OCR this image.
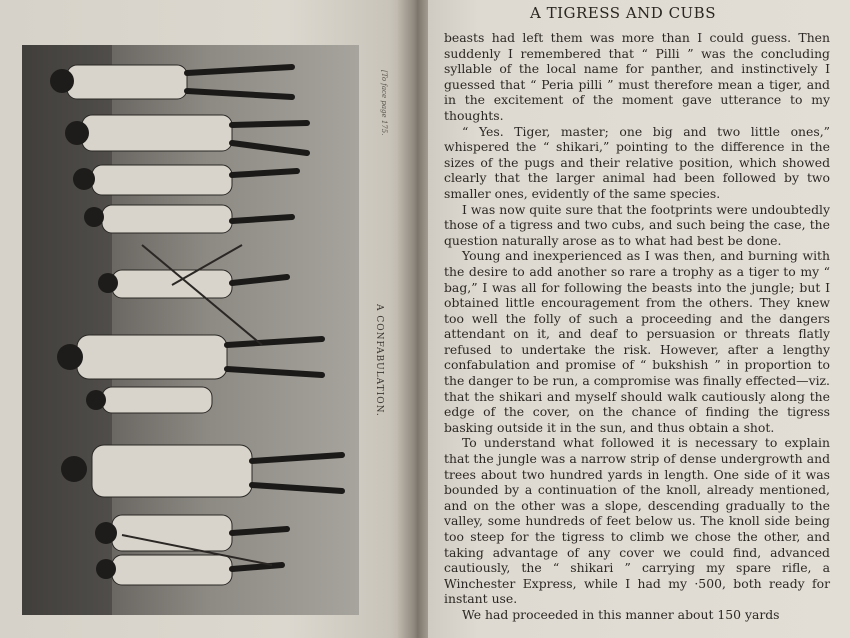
[To face page 175.
A CONFABULATION.
A TIGRESS AND CUBS

beasts had left them was more than I could guess. Then suddenly I remembered that “ Pilli ” was the concluding syllable of the local name for panther, and instinctively I guessed that “ Peria pilli ” must therefore mean a tiger, and in the excitement of the moment gave utterance to my thoughts.

“ Yes. Tiger, master; one big and two little ones,” whispered the “ shikari,” pointing to the difference in the sizes of the pugs and their relative position, which showed clearly that the larger animal had been followed by two smaller ones, evidently of the same species.

I was now quite sure that the footprints were undoubtedly those of a tigress and two cubs, and such being the case, the question naturally arose as to what had best be done.

Young and inexperienced as I was then, and burning with the desire to add another so rare a trophy as a tiger to my “ bag,” I was all for following the beasts into the jungle; but I obtained little encouragement from the others. They knew too well the folly of such a proceeding and the dangers attendant on it, and deaf to persuasion or threats flatly refused to undertake the risk. However, after a lengthy confabulation and promise of “ bukshish ” in proportion to the danger to be run, a compromise was finally effected—viz. that the shikari and myself should walk cautiously along the edge of the cover, on the chance of finding the tigress basking outside it in the sun, and thus obtain a shot.

To understand what followed it is necessary to explain that the jungle was a narrow strip of dense undergrowth and trees about two hundred yards in length. One side of it was bounded by a continuation of the knoll, already mentioned, and on the other was a slope, descending gradually to the valley, some hundreds of feet below us. The knoll side being too steep for the tigress to climb we chose the other, and taking advantage of any cover we could find, advanced cautiously, the “ shikari ” carrying my spare rifle, a Winchester Express, while I had my ·500, both ready for instant use.

We had proceeded in this manner about 150 yards
